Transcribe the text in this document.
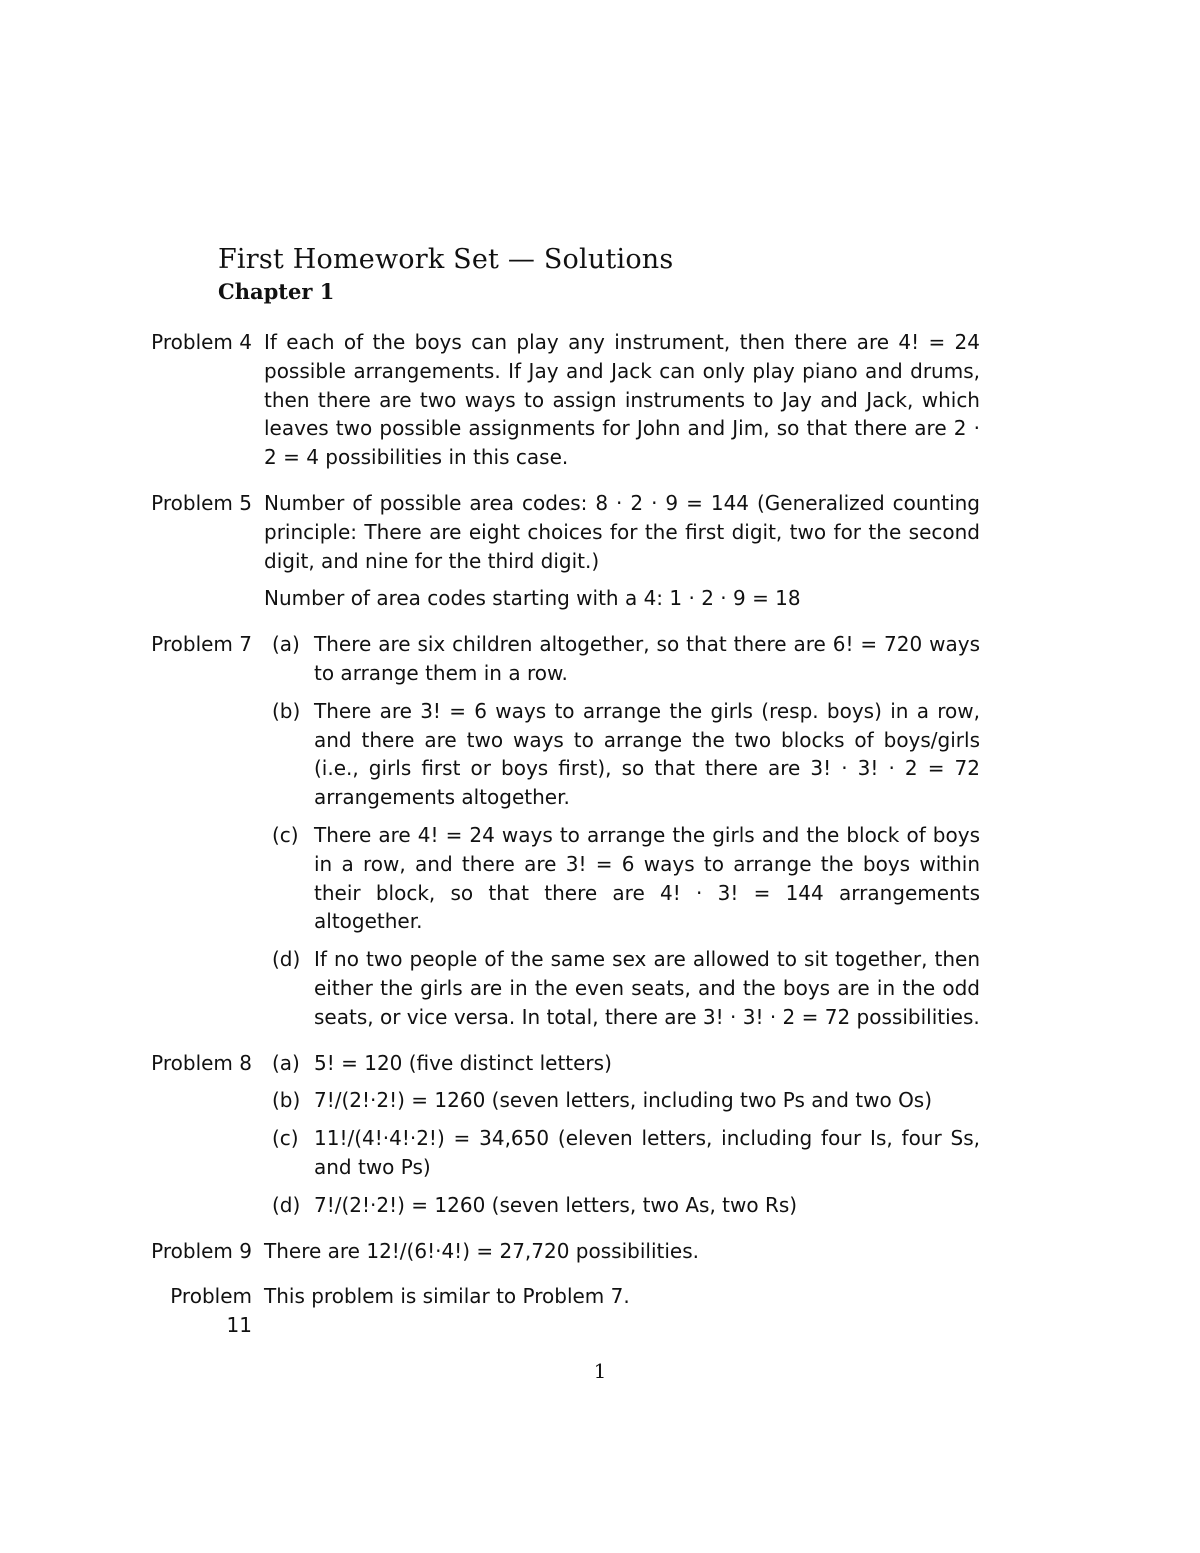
First Homework Set — Solutions
Chapter 1
Problem 4 If each of the boys can play any instrument, then there are 4! = 24 possible arrangements. If Jay and Jack can only play piano and drums, then there are two ways to assign instruments to Jay and Jack, which leaves two possible assignments for John and Jim, so that there are 2 · 2 = 4 possibilities in this case.

Problem 5 Number of possible area codes: 8 · 2 · 9 = 144 (Generalized counting principle: There are eight choices for the first digit, two for the second digit, and nine for the third digit.)

Number of area codes starting with a 4: 1 · 2 · 9 = 18

Problem 7	(a) There are six children altogether, so that there are 6! = 720 ways to arrange them in a row.
(b) There are 3! = 6 ways to arrange the girls (resp. boys) in a row, and there are two ways to arrange the two blocks of boys/girls (i.e., girls first or boys first), so that there are 3! · 3! · 2 = 72 arrangements altogether.
(c) There are 4! = 24 ways to arrange the girls and the block of boys in a row, and there are 3! = 6 ways to arrange the boys within their block, so that there are 4! · 3! = 144 arrangements altogether.
(d) If no two people of the same sex are allowed to sit together, then either the girls are in the even seats, and the boys are in the odd seats, or vice versa. In total, there are 3! · 3! · 2 = 72 possibilities.
Problem 8	(a) 5! = 120 (five distinct letters)
(b) 7!/(2!·2!) = 1260 (seven letters, including two Ps and two Os)
(c) 11!/(4!·4!·2!) = 34,650 (eleven letters, including four Is, four Ss, and two Ps)
(d) 7!/(2!·2!) = 1260 (seven letters, two As, two Rs)
Problem 9 There are 12!/(6!·4!) = 27,720 possibilities.

Problem 11

This problem is similar to Problem 7.

1
